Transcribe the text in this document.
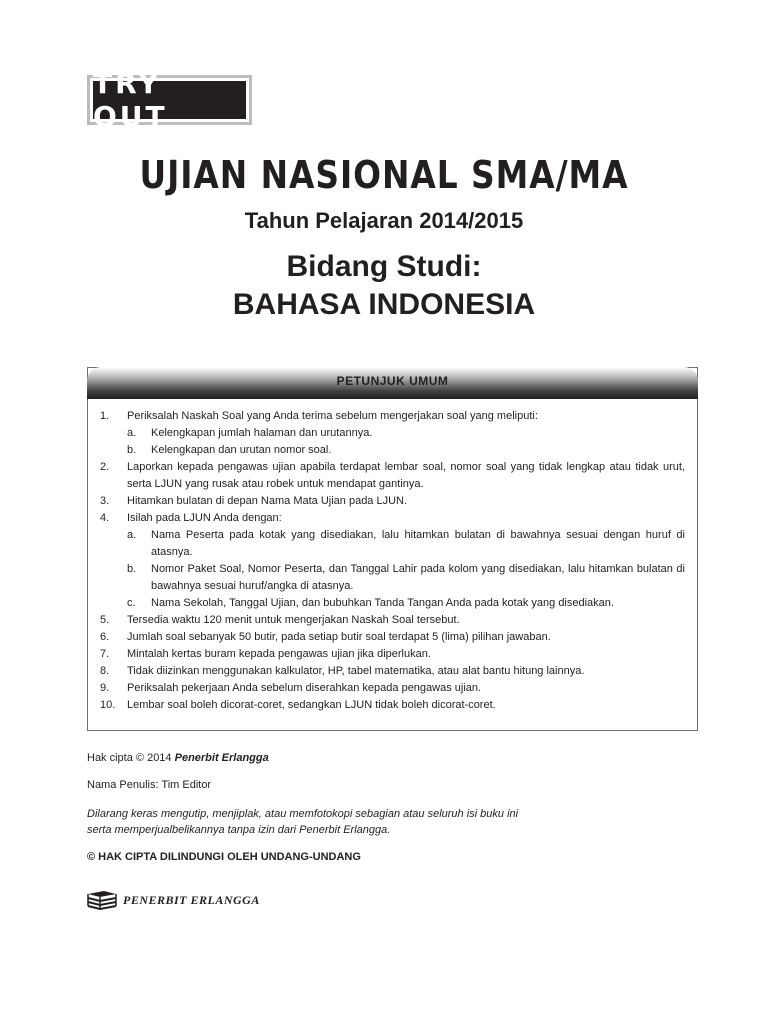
TRY OUT
UJIAN NASIONAL SMA/MA
Tahun Pelajaran 2014/2015
Bidang Studi:
BAHASA INDONESIA
PETUNJUK UMUM
1.	Periksalah Naskah Soal yang Anda terima sebelum mengerjakan soal yang meliputi:
a. Kelengkapan jumlah halaman dan urutannya.
b. Kelengkapan dan urutan nomor soal.
2.	Laporkan kepada pengawas ujian apabila terdapat lembar soal, nomor soal yang tidak lengkap atau tidak urut, serta LJUN yang rusak atau robek untuk mendapat gantinya.
3.	Hitamkan bulatan di depan Nama Mata Ujian pada LJUN.
4.	Isilah pada LJUN Anda dengan:
a. Nama Peserta pada kotak yang disediakan, lalu hitamkan bulatan di bawahnya sesuai dengan huruf di atasnya.
b. Nomor Paket Soal, Nomor Peserta, dan Tanggal Lahir pada kolom yang disediakan, lalu hitamkan bulatan di bawahnya sesuai huruf/angka di atasnya.
c. Nama Sekolah, Tanggal Ujian, dan bubuhkan Tanda Tangan Anda pada kotak yang disediakan.
5.	Tersedia waktu 120 menit untuk mengerjakan Naskah Soal tersebut.
6.	Jumlah soal sebanyak 50 butir, pada setiap butir soal terdapat 5 (lima) pilihan jawaban.
7.	Mintalah kertas buram kepada pengawas ujian jika diperlukan.
8.	Tidak diizinkan menggunakan kalkulator, HP, tabel matematika, atau alat bantu hitung lainnya.
9.	Periksalah pekerjaan Anda sebelum diserahkan kepada pengawas ujian.
10.	Lembar soal boleh dicorat-coret, sedangkan LJUN tidak boleh dicorat-coret.
Hak cipta © 2014 Penerbit Erlangga
Nama Penulis: Tim Editor
Dilarang keras mengutip, menjiplak, atau memfotokopi sebagian atau seluruh isi buku ini serta memperjualbelikannya tanpa izin dari Penerbit Erlangga.
© HAK CIPTA DILINDUNGI OLEH UNDANG-UNDANG
PENERBIT ERLANGGA
